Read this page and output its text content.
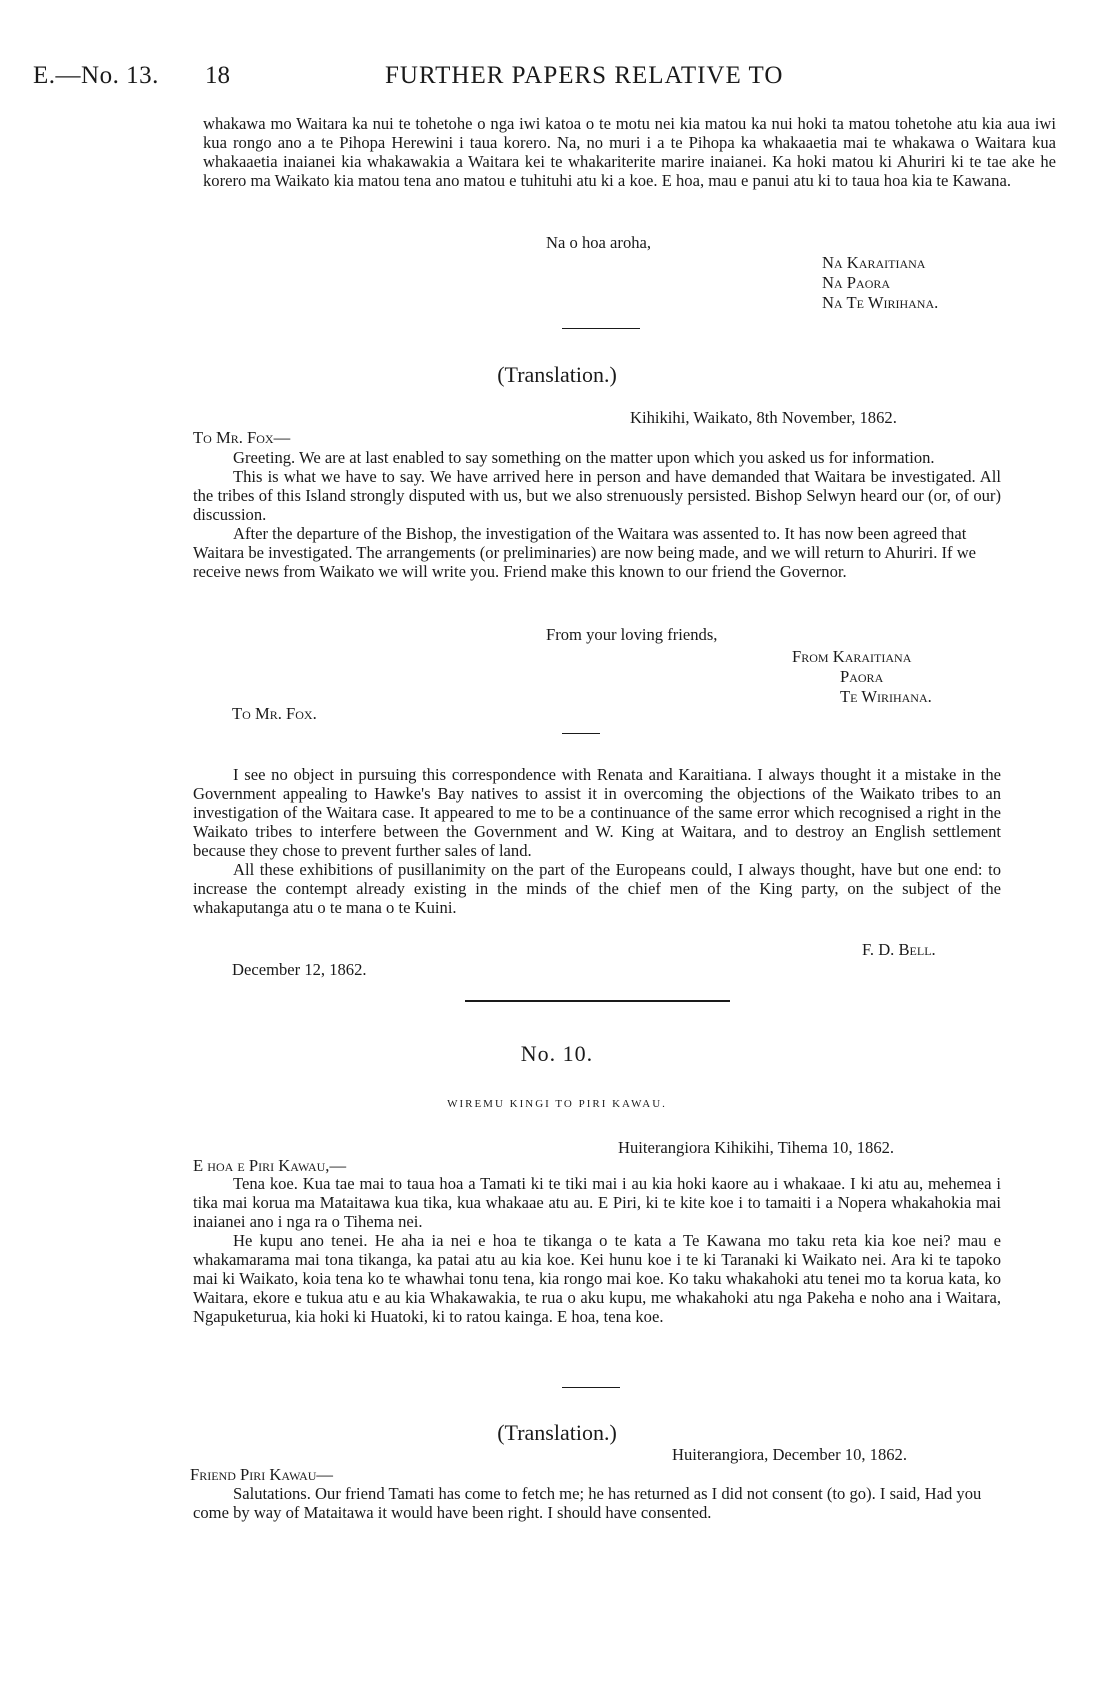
E.—No. 13. 18	FURTHER PAPERS RELATIVE TO

whakawa mo Waitara ka nui te tohetohe o nga iwi katoa o te motu nei kia matou ka nui hoki ta matou tohetohe atu kia aua iwi kua rongo ano a te Pihopa Herewini i taua korero. Na, no muri i a te Pihopa ka whakaaetia mai te whakawa o Waitara kua whakaaetia inaianei kia whakawakia a Waitara kei te whakariterite marire inaianei. Ka hoki matou ki Ahuriri ki te tae ake he korero ma Waikato kia matou tena ano matou e tuhituhi atu ki a koe. E hoa, mau e panui atu ki to taua hoa kia te Kawana.

Na o hoa aroha,
Na Karaitiana
Na Paora
Na Te Wirihana.
(Translation.)
Kihikihi, Waikato, 8th November, 1862.
To Mr. Fox—

Greeting. We are at last enabled to say something on the matter upon which you asked us for information.

This is what we have to say. We have arrived here in person and have demanded that Waitara be investigated. All the tribes of this Island strongly disputed with us, but we also strenuously persisted. Bishop Selwyn heard our (or, of our) discussion.

After the departure of the Bishop, the investigation of the Waitara was assented to. It has now been agreed that Waitara be investigated. The arrangements (or preliminaries) are now being made, and we will return to Ahuriri. If we receive news from Waikato we will write you. Friend make this known to our friend the Governor.

From your loving friends,
From Karaitiana
Paora
Te Wirihana.
To Mr. Fox.

I see no object in pursuing this correspondence with Renata and Karaitiana. I always thought it a mistake in the Government appealing to Hawke's Bay natives to assist it in overcoming the objections of the Waikato tribes to an investigation of the Waitara case. It appeared to me to be a continuance of the same error which recognised a right in the Waikato tribes to interfere between the Government and W. King at Waitara, and to destroy an English settlement because they chose to prevent further sales of land.

All these exhibitions of pusillanimity on the part of the Europeans could, I always thought, have but one end: to increase the contempt already existing in the minds of the chief men of the King party, on the subject of the whakaputanga atu o te mana o te Kuini.

F. D. Bell.
December 12, 1862.
No. 10.
WIREMU KINGI TO PIRI KAWAU.
Huiterangiora Kihikihi, Tihema 10, 1862.
E hoa e Piri Kawau,—

Tena koe. Kua tae mai to taua hoa a Tamati ki te tiki mai i au kia hoki kaore au i whakaae. I ki atu au, mehemea i tika mai korua ma Mataitawa kua tika, kua whakaae atu au. E Piri, ki te kite koe i to tamaiti i a Nopera whakahokia mai inaianei ano i nga ra o Tihema nei.

He kupu ano tenei. He aha ia nei e hoa te tikanga o te kata a Te Kawana mo taku reta kia koe nei? mau e whakamarama mai tona tikanga, ka patai atu au kia koe. Kei hunu koe i te ki Taranaki ki Waikato nei. Ara ki te tapoko mai ki Waikato, koia tena ko te whawhai tonu tena, kia rongo mai koe. Ko taku whakahoki atu tenei mo ta korua kata, ko Waitara, ekore e tukua atu e au kia Whakawakia, te rua o aku kupu, me whakahoki atu nga Pakeha e noho ana i Waitara, Ngapuketurua, kia hoki ki Huatoki, ki to ratou kainga. E hoa, tena koe.

(Translation.)
Huiterangiora, December 10, 1862.
Friend Piri Kawau—

Salutations. Our friend Tamati has come to fetch me; he has returned as I did not consent (to go). I said, Had you come by way of Mataitawa it would have been right. I should have consented.
